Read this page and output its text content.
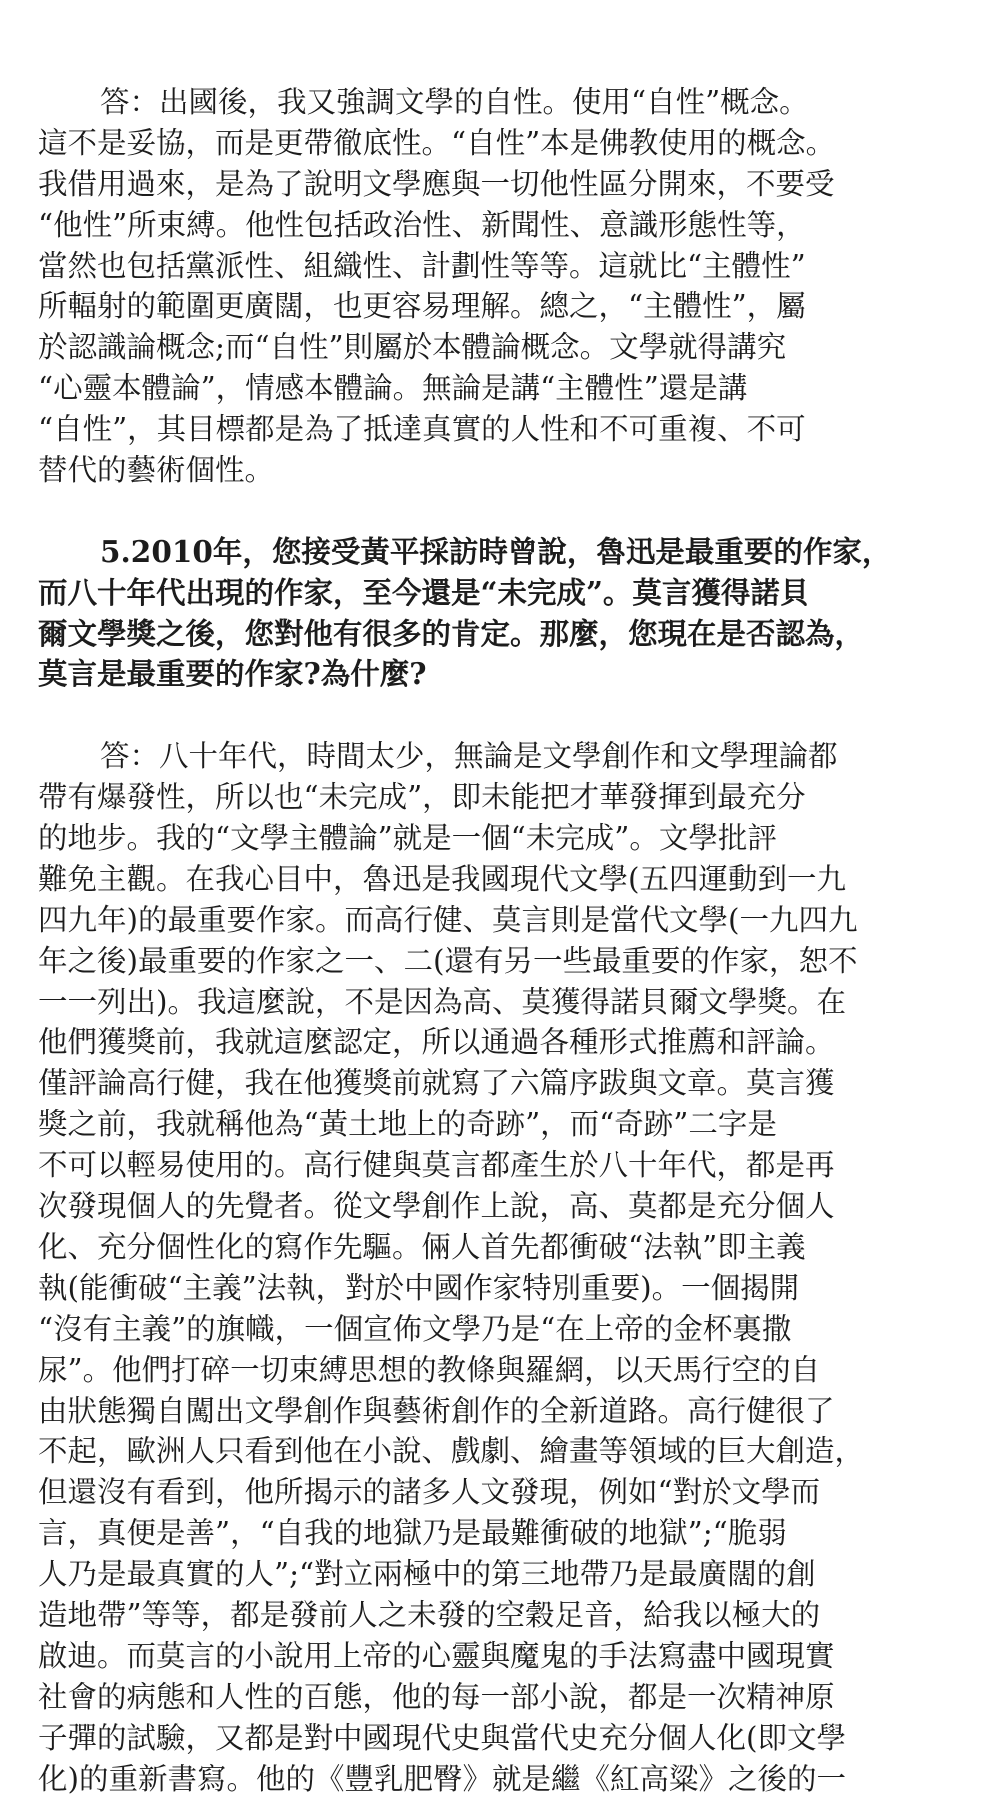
答：出國後，我又強調文學的自性。使用“自性”概念。
這不是妥協，而是更帶徹底性。“自性”本是佛教使用的概念。
我借用過來，是為了說明文學應與一切他性區分開來，不要受
“他性”所束縛。他性包括政治性、新聞性、意識形態性等，
當然也包括黨派性、組織性、計劃性等等。這就比“主體性”
所輻射的範圍更廣闊，也更容易理解。總之，“主體性”，屬
於認識論概念;而“自性”則屬於本體論概念。文學就得講究
“心靈本體論”，情感本體論。無論是講“主體性”還是講
“自性”，其目標都是為了抵達真實的人性和不可重複、不可
替代的藝術個性。
5.2010年，您接受黃平採訪時曾說，魯迅是最重要的作家，
而八十年代出現的作家，至今還是“未完成”。莫言獲得諾貝
爾文學獎之後，您對他有很多的肯定。那麼，您現在是否認為，
莫言是最重要的作家?為什麼?
答：八十年代，時間太少，無論是文學創作和文學理論都
帶有爆發性，所以也“未完成”，即未能把才華發揮到最充分
的地步。我的“文學主體論”就是一個“未完成”。文學批評
難免主觀。在我心目中，魯迅是我國現代文學(五四運動到一九
四九年)的最重要作家。而高行健、莫言則是當代文學(一九四九
年之後)最重要的作家之一、二(還有另一些最重要的作家，恕不
一一列出)。我這麼說，不是因為高、莫獲得諾貝爾文學獎。在
他們獲獎前，我就這麼認定，所以通過各種形式推薦和評論。
僅評論高行健，我在他獲獎前就寫了六篇序跋與文章。莫言獲
獎之前，我就稱他為“黃土地上的奇跡”，而“奇跡”二字是
不可以輕易使用的。高行健與莫言都產生於八十年代，都是再
次發現個人的先覺者。從文學創作上說，高、莫都是充分個人
化、充分個性化的寫作先驅。倆人首先都衝破“法執”即主義
執(能衝破“主義”法執，對於中國作家特別重要)。一個揭開
“沒有主義”的旗幟，一個宣佈文學乃是“在上帝的金杯裏撒
尿”。他們打碎一切束縛思想的教條與羅網，以天馬行空的自
由狀態獨自闖出文學創作與藝術創作的全新道路。高行健很了
不起，歐洲人只看到他在小說、戲劇、繪畫等領域的巨大創造，
但還沒有看到，他所揭示的諸多人文發現，例如“對於文學而
言，真便是善”，“自我的地獄乃是最難衝破的地獄”;“脆弱
人乃是最真實的人”;“對立兩極中的第三地帶乃是最廣闊的創
造地帶”等等，都是發前人之未發的空穀足音，給我以極大的
啟迪。而莫言的小說用上帝的心靈與魔鬼的手法寫盡中國現實
社會的病態和人性的百態，他的每一部小說，都是一次精神原
子彈的試驗，又都是對中國現代史與當代史充分個人化(即文學
化)的重新書寫。他的《豐乳肥臀》就是繼《紅高粱》之後的一
